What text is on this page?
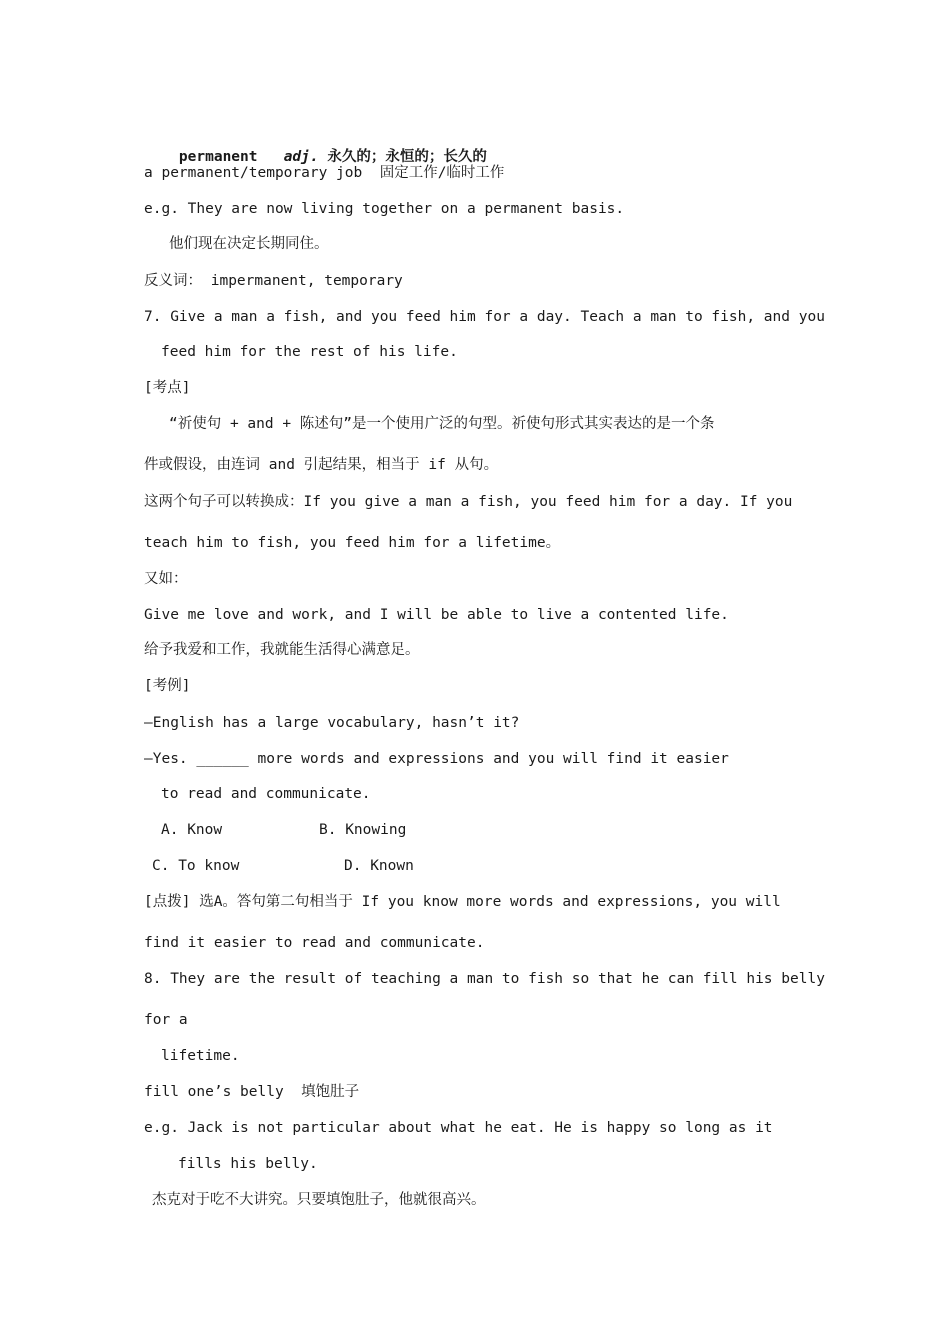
permanent adj. 永久的；永恒的；长久的

a permanent/temporary job  固定工作/临时工作
e.g. They are now living together on a permanent basis.
他们现在决定长期同住。
反义词： impermanent, temporary
7. Give a man a fish, and you feed him for a day. Teach a man to fish, and you
feed him for the rest of his life.
[考点]
“祈使句 + and + 陈述句”是一个使用广泛的句型。祈使句形式其实表达的是一个条
件或假设，由连词 and 引起结果，相当于 if 从句。
这两个句子可以转换成：If you give a man a fish, you feed him for a day. If you
teach him to fish, you feed him for a lifetime。
又如：
Give me love and work, and I will be able to live a contented life.
给予我爱和工作，我就能生活得心满意足。
[考例]
—English has a large vocabulary, hasn’t it?
—Yes. ______ more words and expressions and you will find it easier
to read and communicate.
A. Know	B. Knowing
C. To know	D. Known
[点拨] 选A。答句第二句相当于 If you know more words and expressions, you will
find it easier to read and communicate.
8. They are the result of teaching a man to fish so that he can fill his belly
for a
lifetime.
fill one’s belly  填饱肚子
e.g. Jack is not particular about what he eat. He is happy so long as it
fills his belly.
杰克对于吃不大讲究。只要填饱肚子，他就很高兴。
